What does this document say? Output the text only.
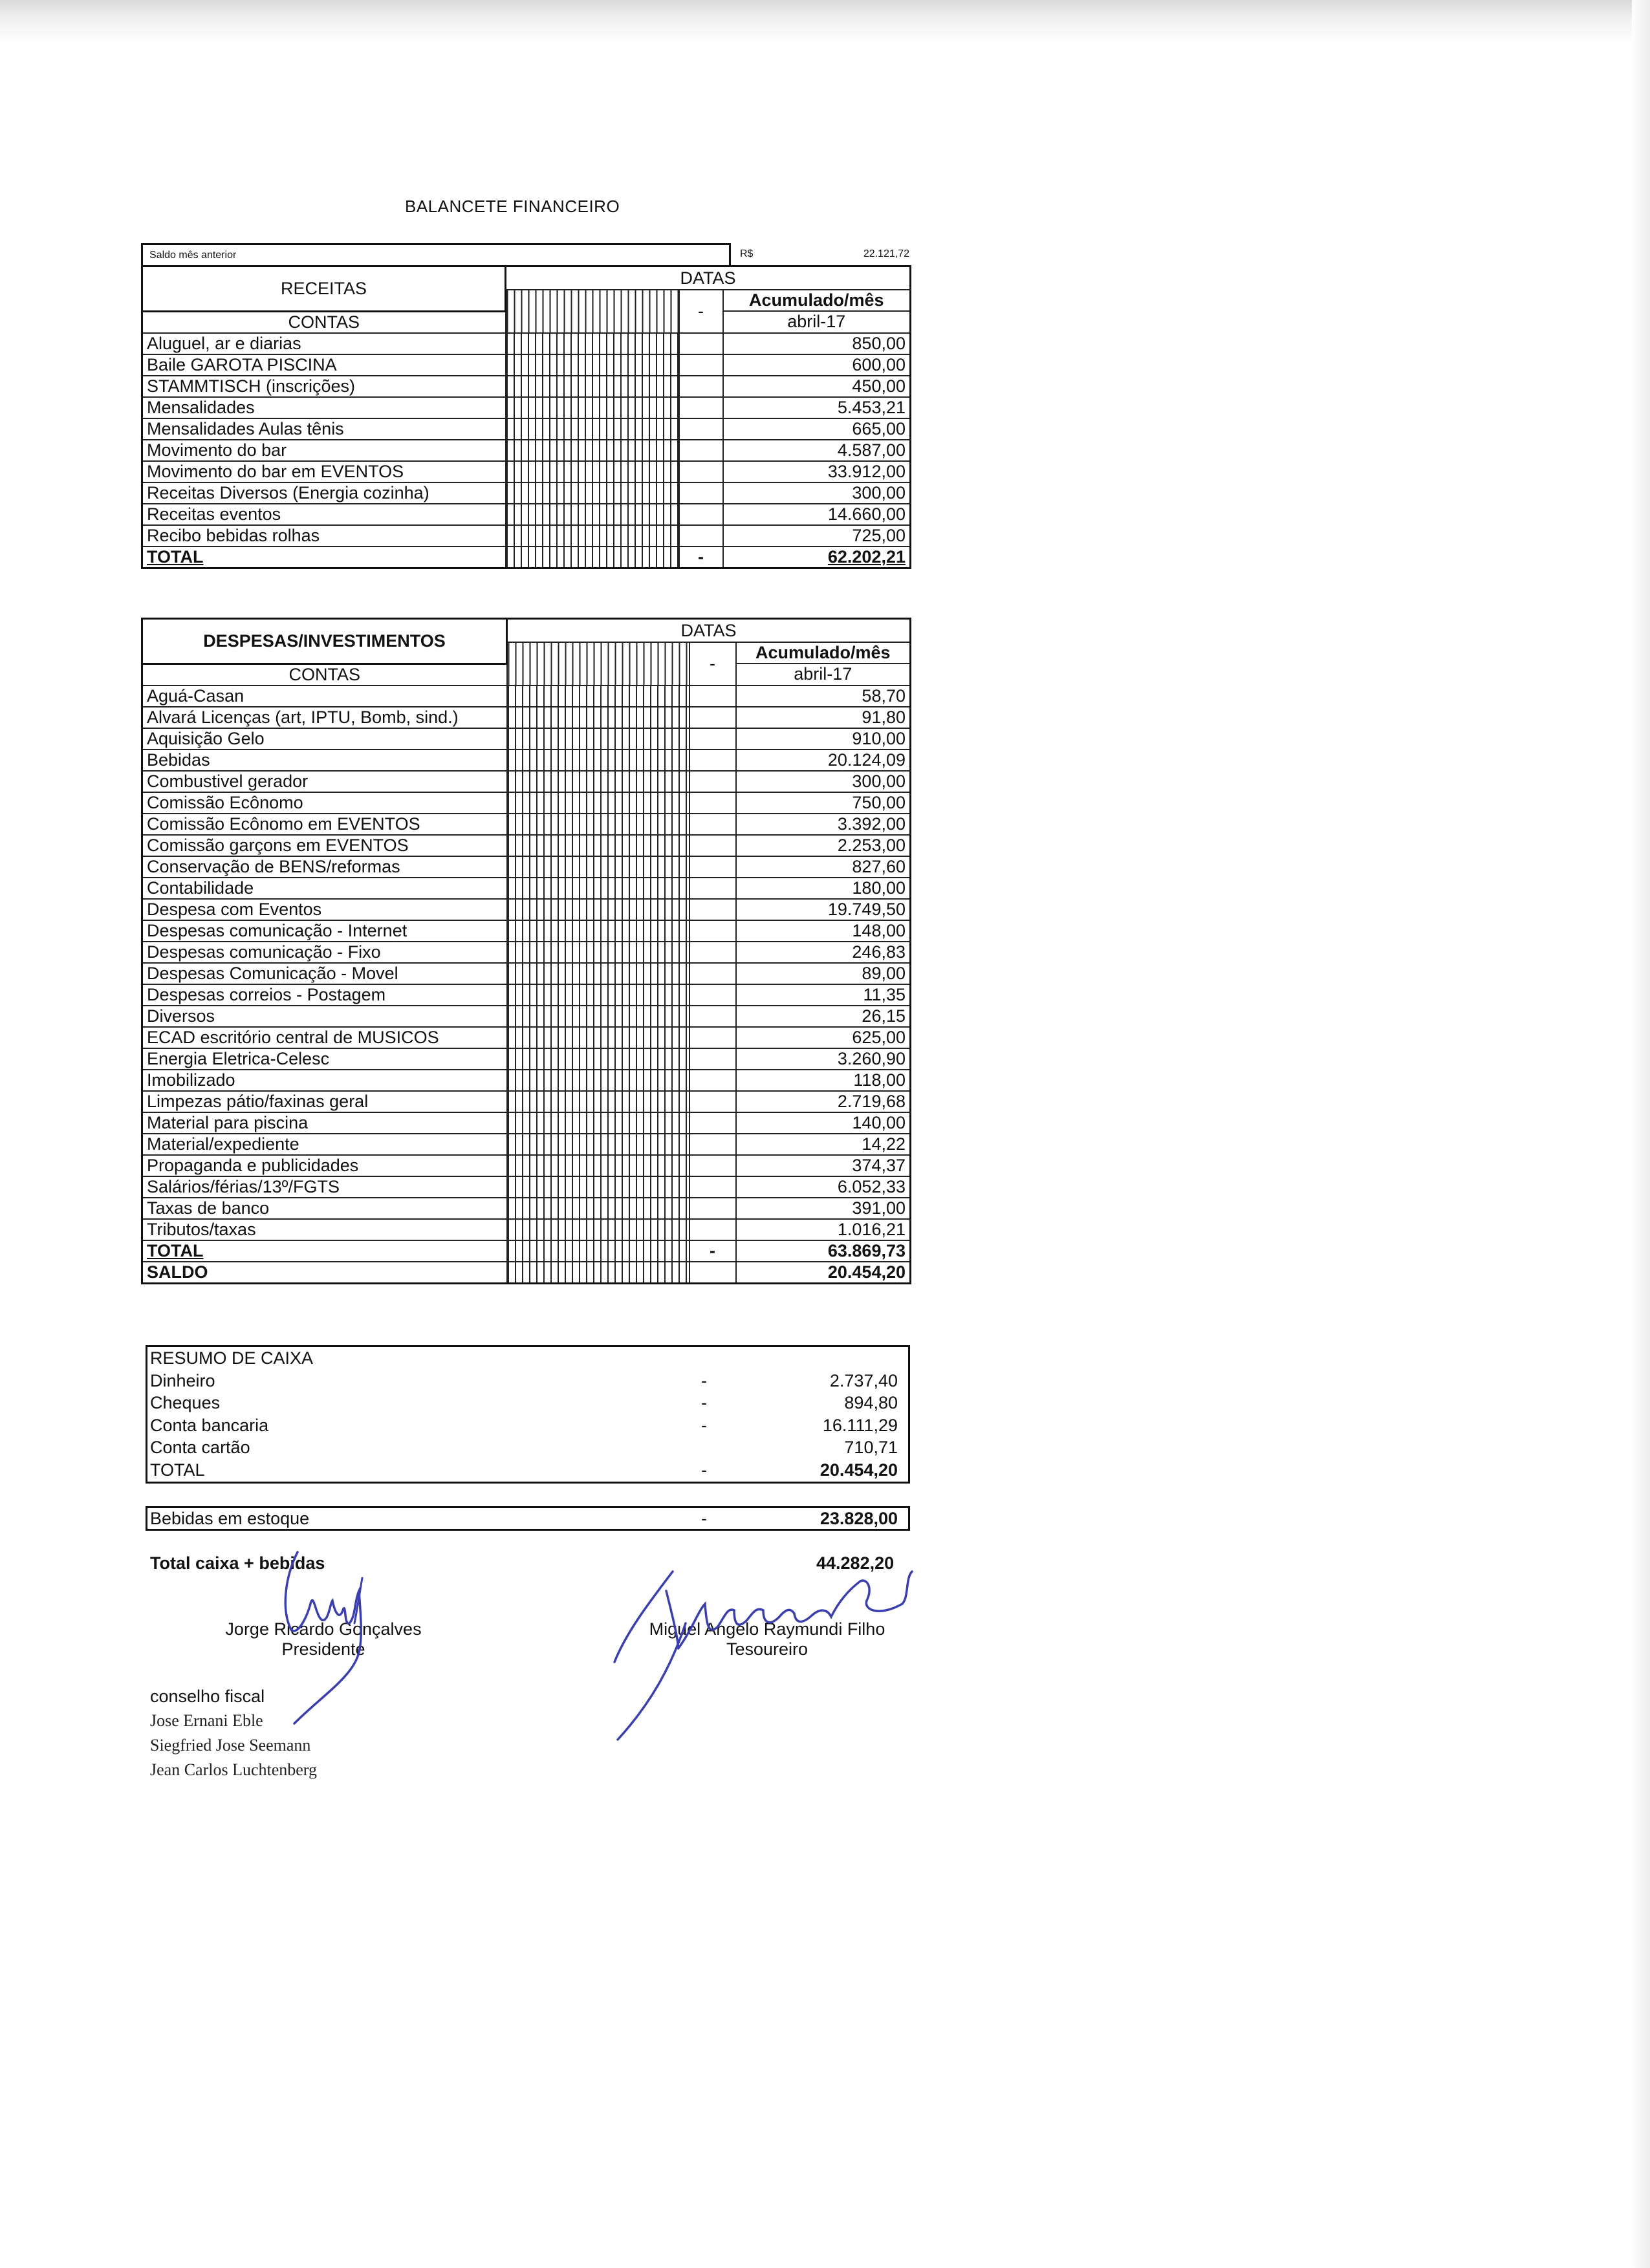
BALANCETE FINANCEIRO
Saldo mês anterior	R$	22.121,72
RECEITAS	DATAS		
		-	Acumulado/mês
CONTAS			abril-17
Aluguel, ar e diarias			850,00
Baile GAROTA PISCINA			600,00
STAMMTISCH (inscrições)			450,00
Mensalidades			5.453,21
Mensalidades Aulas tênis			665,00
Movimento do bar			4.587,00
Movimento do bar em EVENTOS			33.912,00
Receitas Diversos (Energia cozinha)			300,00
Receitas eventos			14.660,00
Recibo bebidas rolhas			725,00
TOTAL		-	62.202,21
DESPESAS/INVESTIMENTOS	DATAS		
		-	Acumulado/mês
CONTAS			abril-17
Aguá-Casan			58,70
Alvará Licenças (art, IPTU, Bomb, sind.)			91,80
Aquisição Gelo			910,00
Bebidas			20.124,09
Combustivel gerador			300,00
Comissão Ecônomo			750,00
Comissão Ecônomo em EVENTOS			3.392,00
Comissão garçons em EVENTOS			2.253,00
Conservação de BENS/reformas			827,60
Contabilidade			180,00
Despesa com Eventos			19.749,50
Despesas comunicação - Internet			148,00
Despesas comunicação - Fixo			246,83
Despesas Comunicação - Movel			89,00
Despesas correios - Postagem			11,35
Diversos			26,15
ECAD escritório central de MUSICOS			625,00
Energia Eletrica-Celesc			3.260,90
Imobilizado			118,00
Limpezas pátio/faxinas geral			2.719,68
Material para piscina			140,00
Material/expediente			14,22
Propaganda e publicidades			374,37
Salários/férias/13º/FGTS			6.052,33
Taxas de banco			391,00
Tributos/taxas			1.016,21
TOTAL		-	63.869,73
SALDO			20.454,20
RESUMO DE CAIXA
Dinheiro	-	2.737,40
Cheques	-	894,80
Conta bancaria	-	16.111,29
Conta cartão	710,71
TOTAL	-	20.454,20
Bebidas em estoque	-	23.828,00
Total caixa + bebidas	44.282,20
Jorge Ricardo Gonçalves
Presidente
Miguel Angelo Raymundi Filho
Tesoureiro
conselho fiscal
Jose Ernani Eble
Siegfried Jose Seemann
Jean Carlos Luchtenberg
